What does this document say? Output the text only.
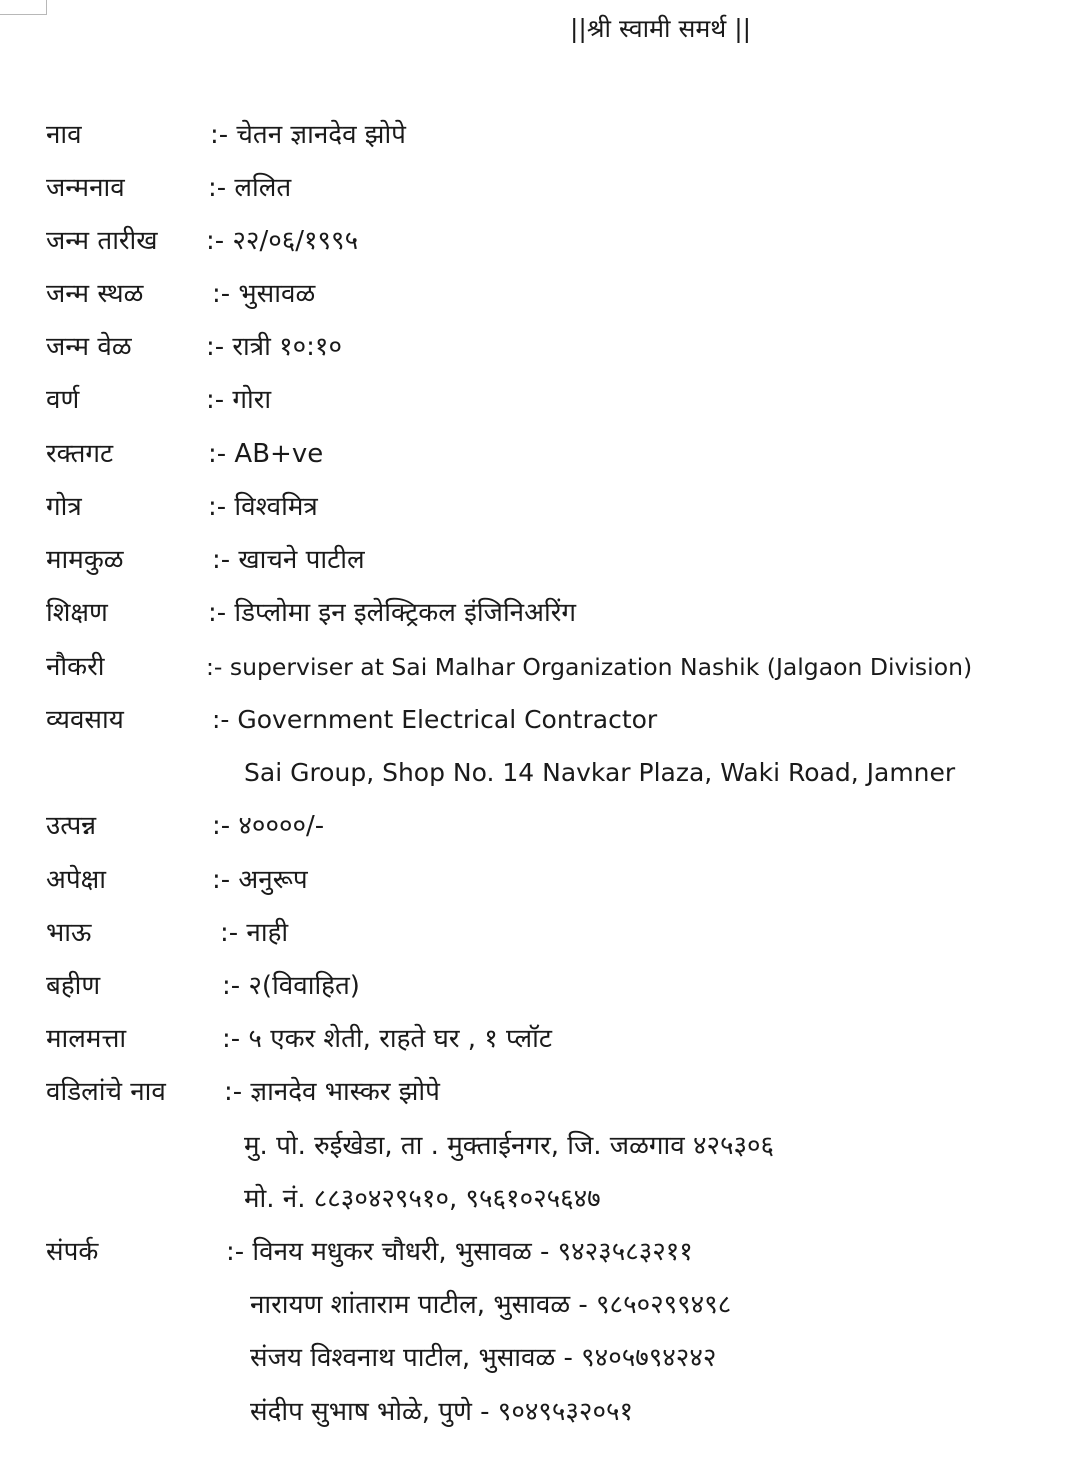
||श्री स्वामी समर्थ ||
नाव	:- चेतन ज्ञानदेव झोपे
जन्मनाव	:- ललित
जन्म तारीख :- २२/०६/१९९५
जन्म स्थळ	:- भुसावळ
जन्म वेळ	:- रात्री १०:१०
वर्ण	:- गोरा
रक्तगट	:- AB+ve
गोत्र	:- विश्वमित्र
मामकुळ	:- खाचने पाटील
शिक्षण	:- डिप्लोमा इन इलेक्ट्रिकल इंजिनिअरिंग
नौकरी	:- superviser at Sai Malhar Organization Nashik (Jalgaon Division)
व्यवसाय	:- Government Electrical Contractor
Sai Group, Shop No. 14 Navkar Plaza, Waki Road, Jamner
उत्पन्न	:- ४००००/-
अपेक्षा	:- अनुरूप
भाऊ	:- नाही
बहीण	:- २(विवाहित)
मालमत्ता	:- ५ एकर शेती, राहते घर , १ प्लॉट
वडिलांचे नाव :- ज्ञानदेव भास्कर झोपे
मु. पो. रुईखेडा, ता . मुक्ताईनगर, जि. जळगाव ४२५३०६
मो. नं. ८८३०४२९५१०, ९५६१०२५६४७
संपर्क	:- विनय मधुकर चौधरी, भुसावळ - ९४२३५८३२११
नारायण शांताराम पाटील, भुसावळ - ९८५०२९९४९८
संजय विश्वनाथ पाटील, भुसावळ - ९४०५७९४२४२
संदीप सुभाष भोळे, पुणे - ९०४९५३२०५१
